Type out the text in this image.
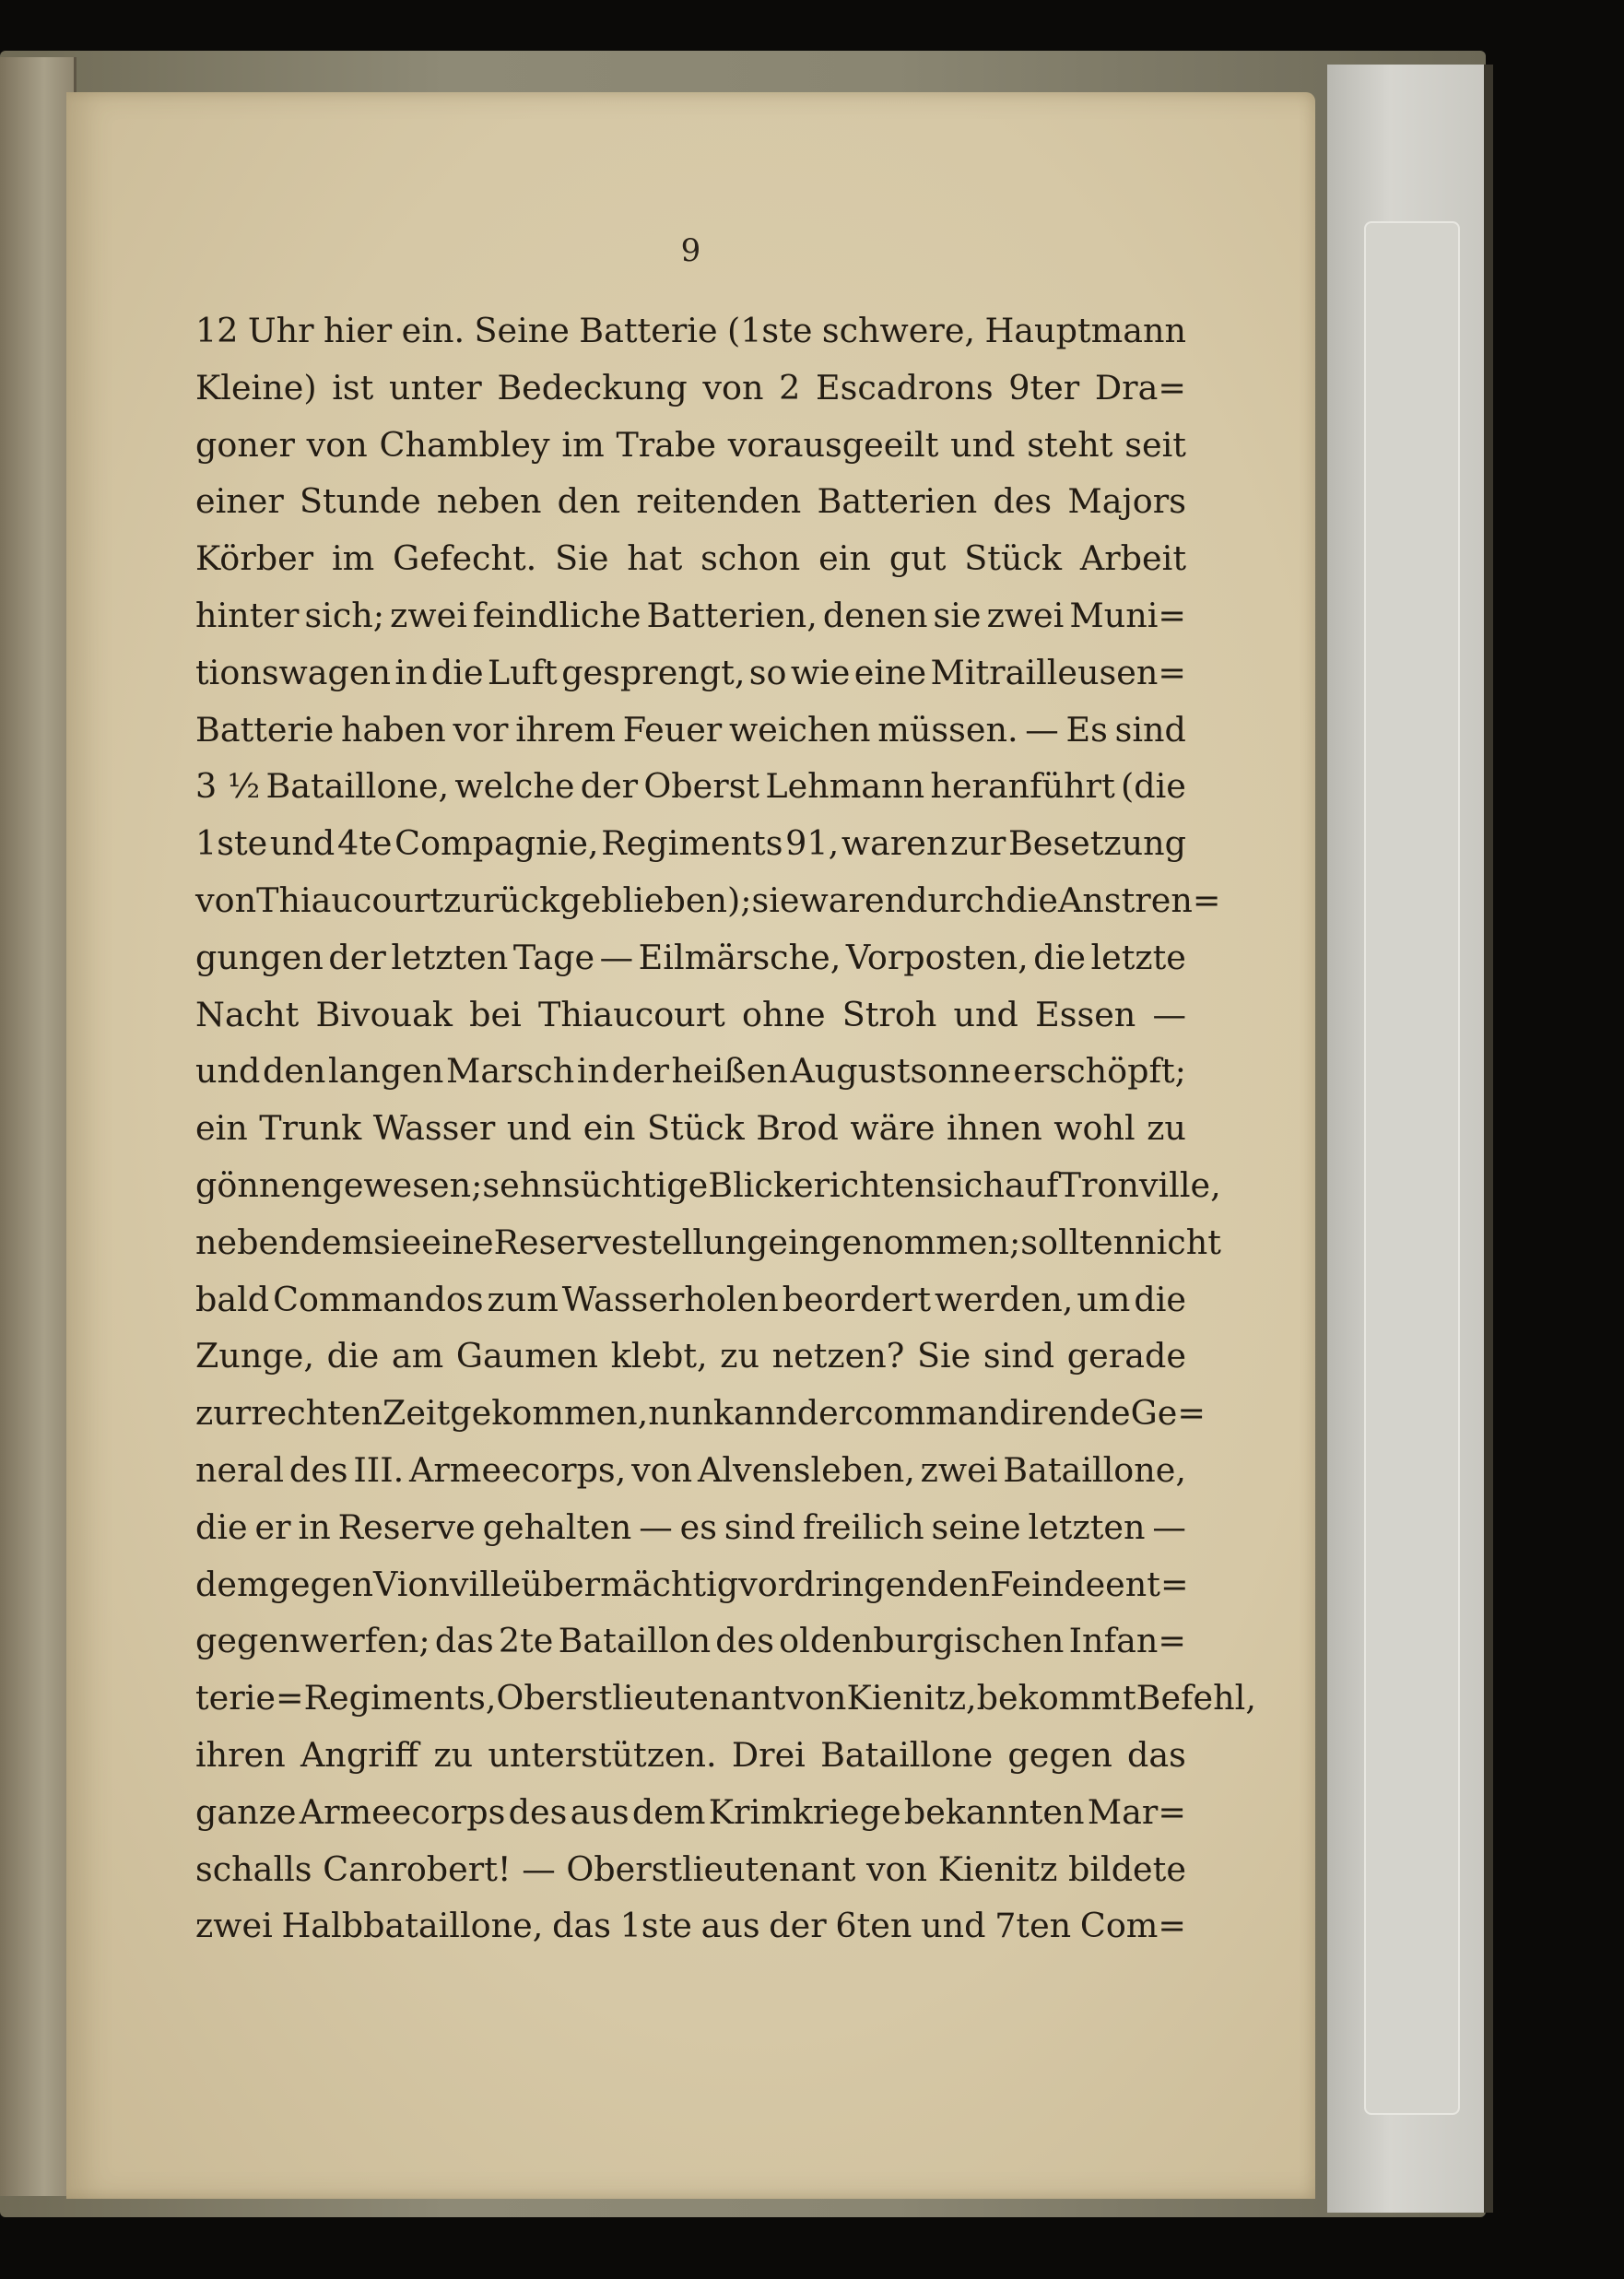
9
12 Uhr hier ein. Seine Batterie (1ste schwere, Hauptmann
Kleine) ist unter Bedeckung von 2 Escadrons 9ter Dra=
goner von Chambley im Trabe vorausgeeilt und steht seit
einer Stunde neben den reitenden Batterien des Majors
Körber im Gefecht. Sie hat schon ein gut Stück Arbeit
hinter sich; zwei feindliche Batterien, denen sie zwei Muni=
tionswagen in die Luft gesprengt, so wie eine Mitrailleusen=
Batterie haben vor ihrem Feuer weichen müssen. — Es sind
3 ½ Bataillone, welche der Oberst Lehmann heranführt (die
1ste und 4te Compagnie, Regiments 91, waren zur Besetzung
von Thiaucourt zurückgeblieben); sie waren durch die Anstren=
gungen der letzten Tage — Eilmärsche, Vorposten, die letzte
Nacht Bivouak bei Thiaucourt ohne Stroh und Essen —
und den langen Marsch in der heißen Augustsonne erschöpft;
ein Trunk Wasser und ein Stück Brod wäre ihnen wohl zu
gönnen gewesen; sehnsüchtige Blicke richten sich auf Tronville,
neben dem sie eine Reservestellung eingenommen; sollten nicht
bald Commandos zum Wasserholen beordert werden, um die
Zunge, die am Gaumen klebt, zu netzen? Sie sind gerade
zur rechten Zeit gekommen, nun kann der commandirende Ge=
neral des III. Armeecorps, von Alvensleben, zwei Bataillone,
die er in Reserve gehalten — es sind freilich seine letzten —
dem gegen Vionville übermächtig vordringenden Feinde ent=
gegenwerfen; das 2te Bataillon des oldenburgischen Infan=
terie=Regiments, Oberstlieutenant von Kienitz, bekommt Befehl,
ihren Angriff zu unterstützen. Drei Bataillone gegen das
ganze Armeecorps des aus dem Krimkriege bekannten Mar=
schalls Canrobert! — Oberstlieutenant von Kienitz bildete
zwei Halbbataillone, das 1ste aus der 6ten und 7ten Com=
